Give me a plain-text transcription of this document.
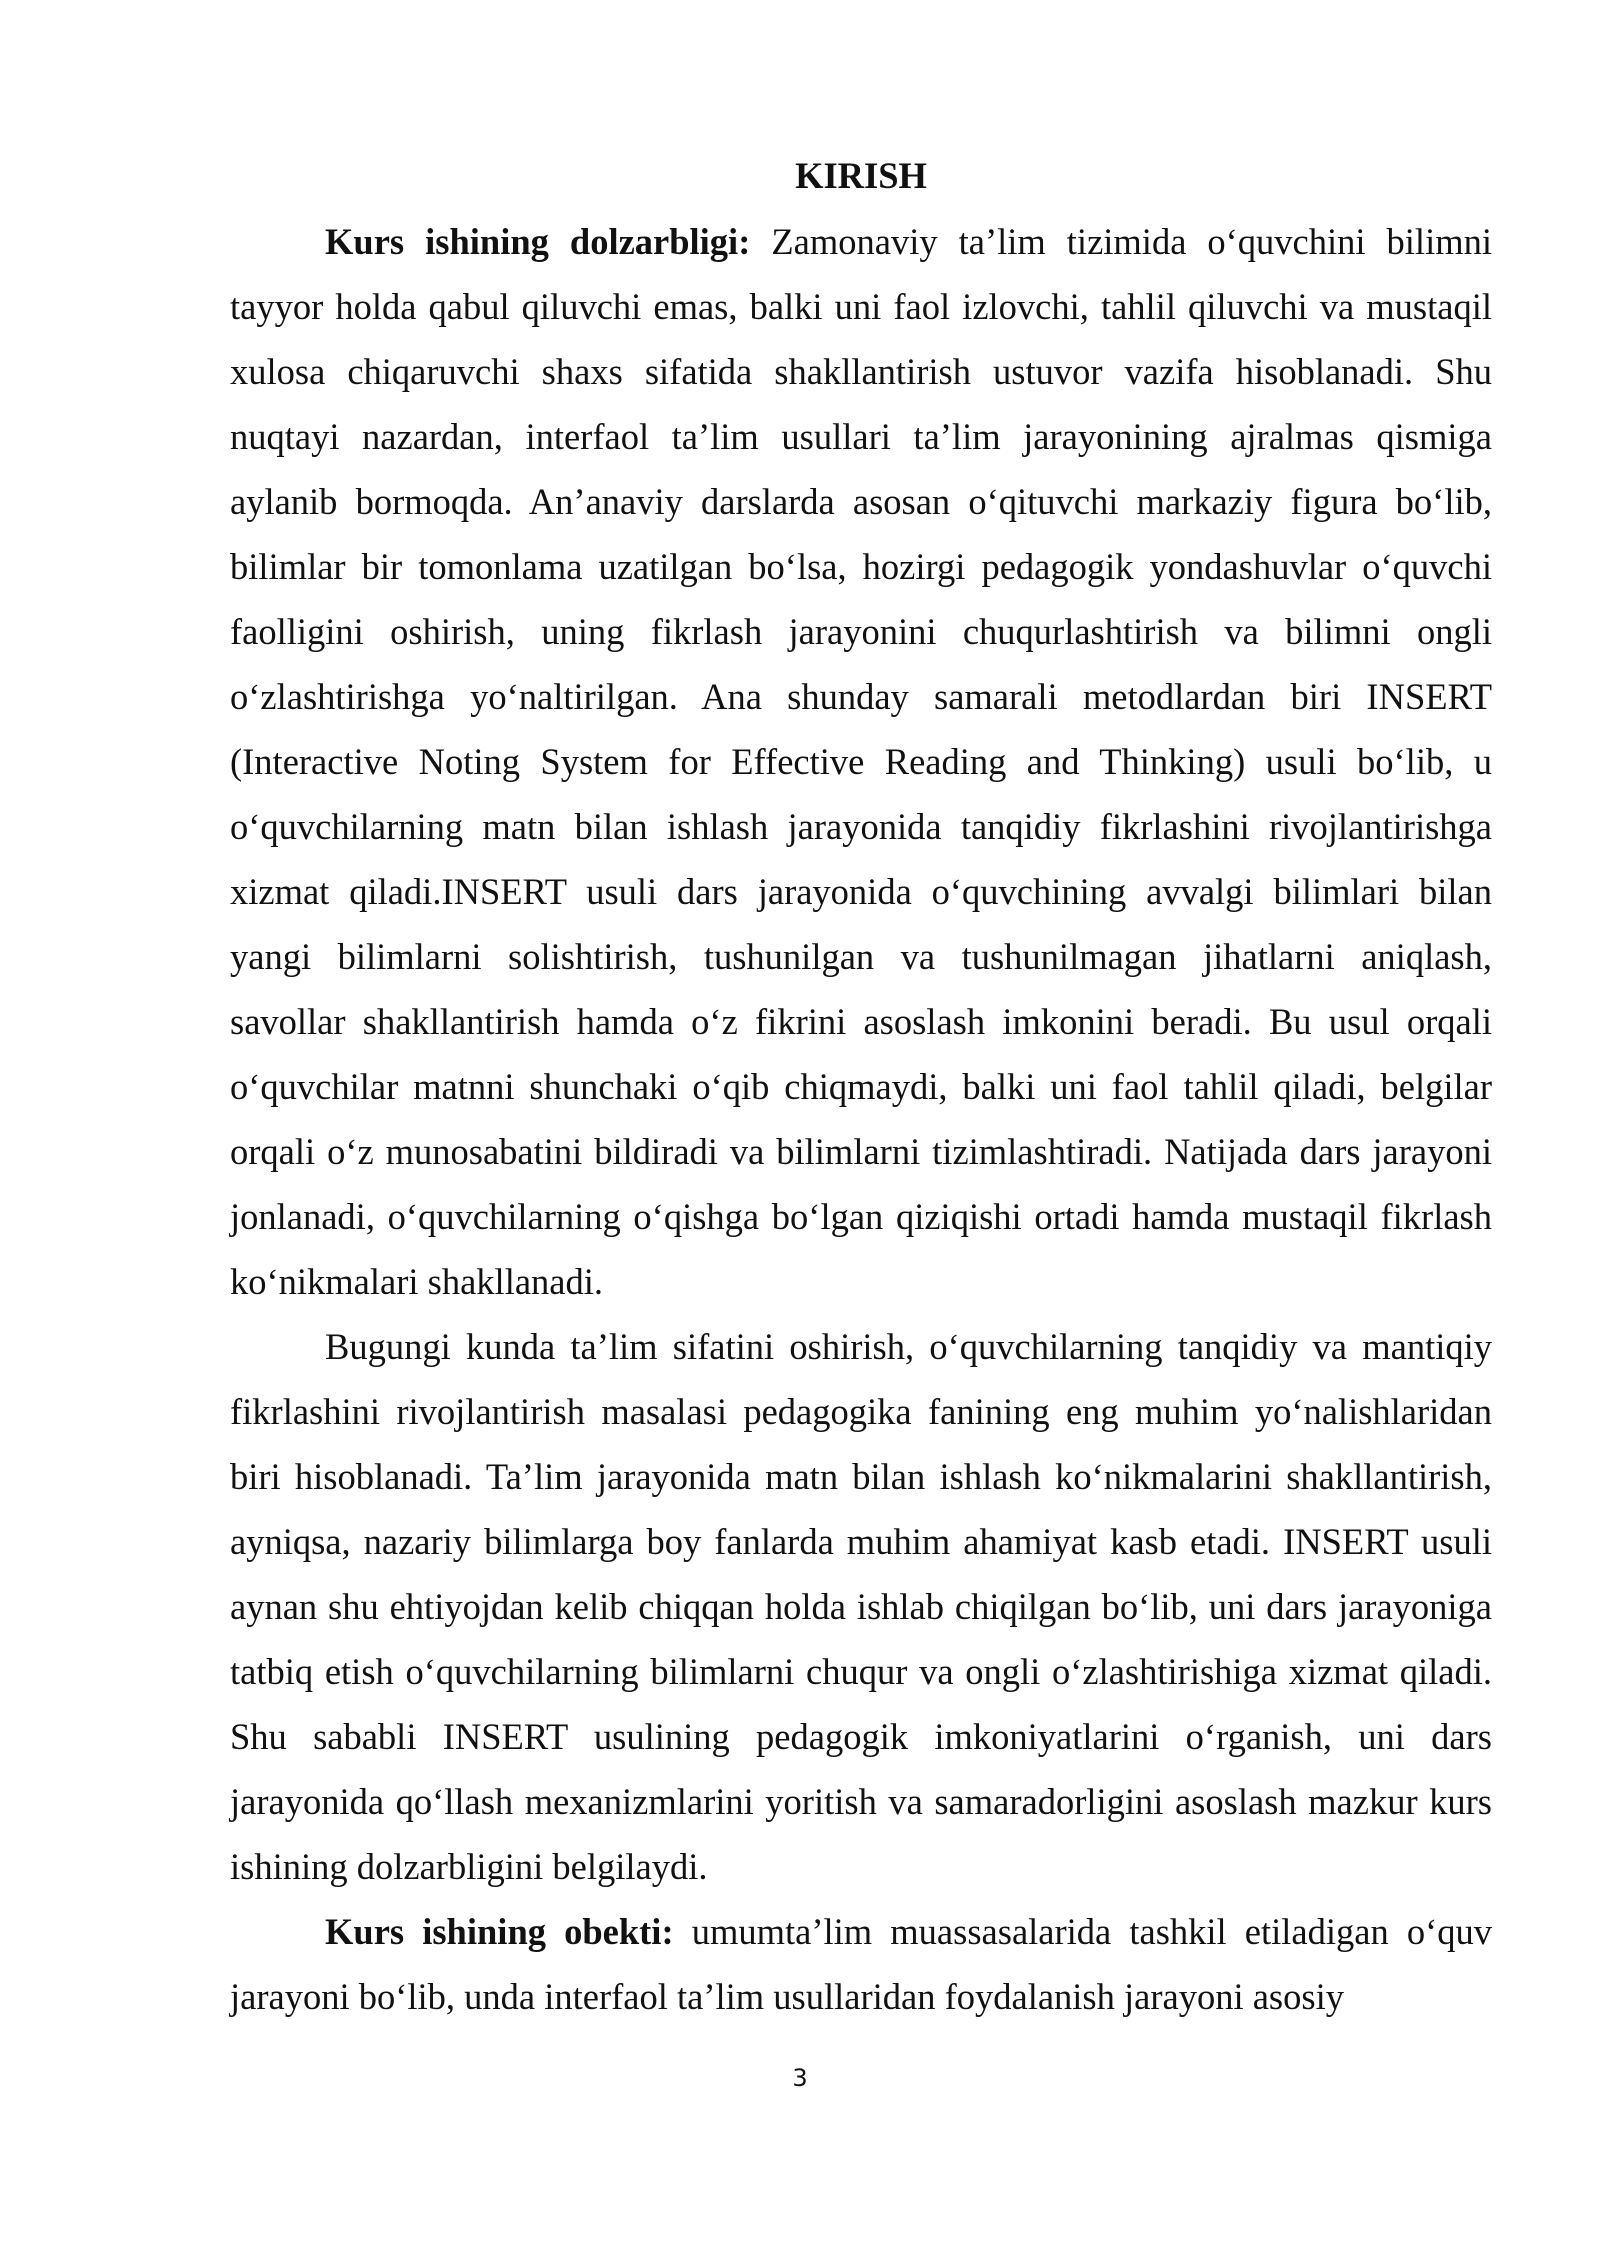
KIRISH

Kurs ishining dolzarbligi: Zamonaviy ta’lim tizimida o‘quvchini bilimni tayyor holda qabul qiluvchi emas, balki uni faol izlovchi, tahlil qiluvchi va mustaqil xulosa chiqaruvchi shaxs sifatida shakllantirish ustuvor vazifa hisoblanadi. Shu nuqtayi nazardan, interfaol ta’lim usullari ta’lim jarayonining ajralmas qismiga aylanib bormoqda. An’anaviy darslarda asosan o‘qituvchi markaziy figura bo‘lib, bilimlar bir tomonlama uzatilgan bo‘lsa, hozirgi pedagogik yondashuvlar o‘quvchi faolligini oshirish, uning fikrlash jarayonini chuqurlashtirish va bilimni ongli o‘zlashtirishga yo‘naltirilgan. Ana shunday samarali metodlardan biri INSERT (Interactive Noting System for Effective Reading and Thinking) usuli bo‘lib, u o‘quvchilarning matn bilan ishlash jarayonida tanqidiy fikrlashini rivojlantirishga xizmat qiladi.INSERT usuli dars jarayonida o‘quvchining avvalgi bilimlari bilan yangi bilimlarni solishtirish, tushunilgan va tushunilmagan jihatlarni aniqlash, savollar shakllantirish hamda o‘z fikrini asoslash imkonini beradi. Bu usul orqali o‘quvchilar matnni shunchaki o‘qib chiqmaydi, balki uni faol tahlil qiladi, belgilar orqali o‘z munosabatini bildiradi va bilimlarni tizimlashtiradi. Natijada dars jarayoni jonlanadi, o‘quvchilarning o‘qishga bo‘lgan qiziqishi ortadi hamda mustaqil fikrlash ko‘nikmalari shakllanadi.

Bugungi kunda ta’lim sifatini oshirish, o‘quvchilarning tanqidiy va mantiqiy fikrlashini rivojlantirish masalasi pedagogika fanining eng muhim yo‘nalishlaridan biri hisoblanadi. Ta’lim jarayonida matn bilan ishlash ko‘nikmalarini shakllantirish, ayniqsa, nazariy bilimlarga boy fanlarda muhim ahamiyat kasb etadi. INSERT usuli aynan shu ehtiyojdan kelib chiqqan holda ishlab chiqilgan bo‘lib, uni dars jarayoniga tatbiq etish o‘quvchilarning bilimlarni chuqur va ongli o‘zlashtirishiga xizmat qiladi. Shu sababli INSERT usulining pedagogik imkoniyatlarini o‘rganish, uni dars jarayonida qo‘llash mexanizmlarini yoritish va samaradorligini asoslash mazkur kurs ishining dolzarbligini belgilaydi.

Kurs ishining obekti: umumta’lim muassasalarida tashkil etiladigan o‘quv jarayoni bo‘lib, unda interfaol ta’lim usullaridan foydalanish jarayoni asosiy

3
